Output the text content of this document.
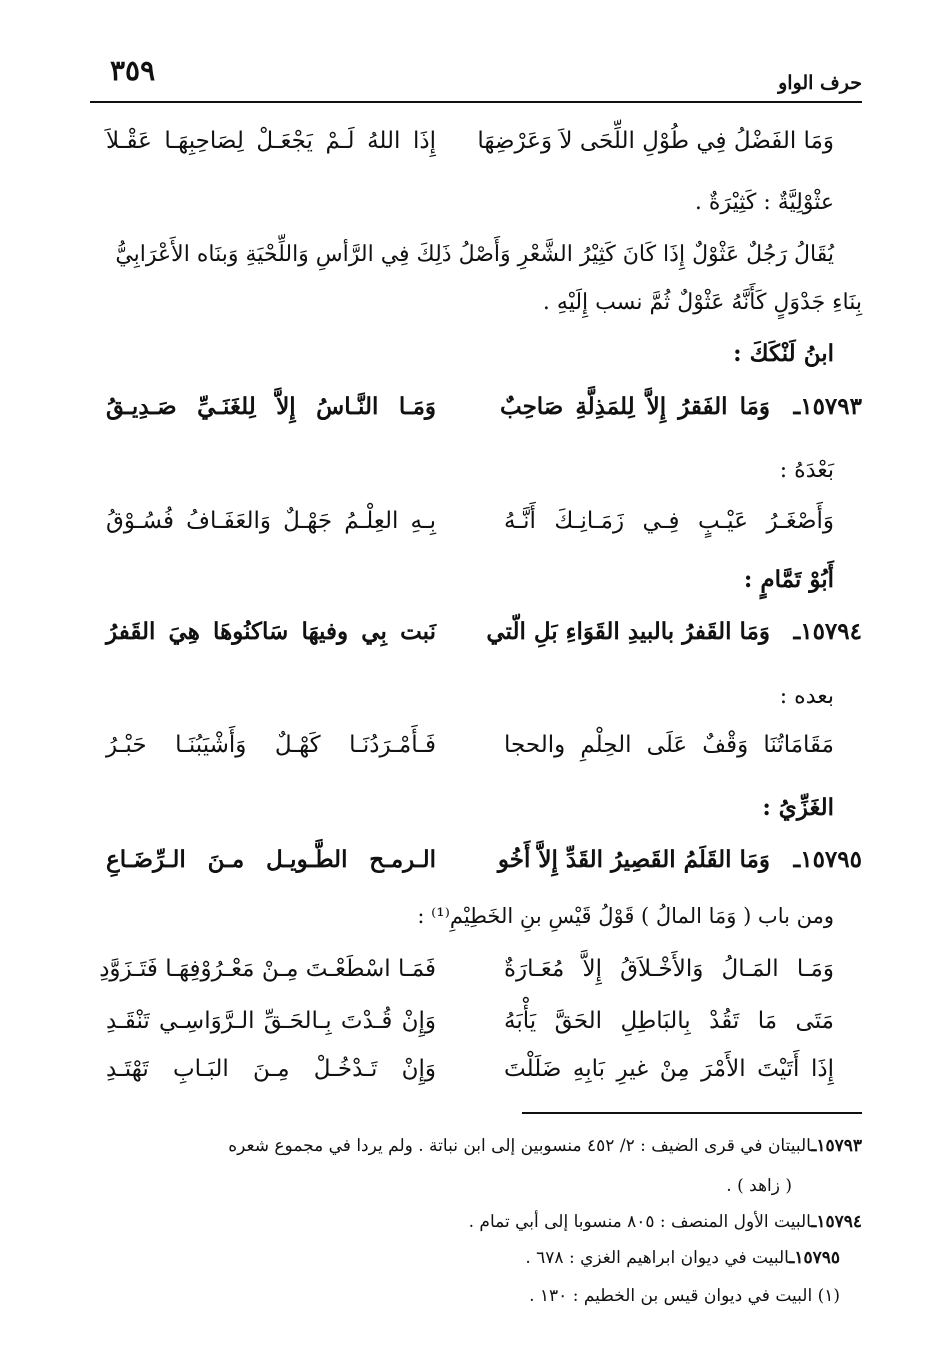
حرف الواو
٣٥٩
وَمَا الفَضْلُ فِي طُوْلِ اللِّحَى لاَ وَعَرْضِهَا
إِذَا اللهُ لَـمْ يَجْعَـلْ لِصَاحِبِهَـا عَقْـلاَ
عثْوْلِيَّةٌ : كَثِيْرَةٌ .
يُقَالُ رَجُلٌ عَثْوْلٌ إِذَا كَانَ كَثِيْرُ الشَّعْرِ وَأَصْلُ ذَلِكَ فِي الرَّأسِ وَاللِّحْيَةِ وَبنَاه الأَعْرَابِيُّ
بِنَاءِ جَدْوَلٍ كَأَنَّهُ عَثْوْلٌ ثُمَّ نسب إِلَيْهِ .
ابنُ لَنْكَكَ :
١٥٧٩٣ـ
وَمَا الفَقرُ إِلاَّ لِلمَذِلَّةِ صَاحِبٌ
وَمَـا النَّـاسُ إِلاَّ لِلغَنَـيِّ صَـدِيـقُ
بَعْدَهُ :
وَأَصْغَـرُ عَيْـبٍ فِـي زَمَـانِـكَ أَنَّـهُ
بِـهِ العِلْـمُ جَهْـلٌ وَالعَفَـافُ فُسُـوْقُ
أَبُوْ تَمَّامٍ :
١٥٧٩٤ـ
وَمَا القَفرُ بالبيدِ القَوَاءِ بَلِ الّتي
نَبت بِي وفيهَا سَاكنُوهَا هِيَ القَفرُ
بعده :
مَقَامَاتُنَا وَقْفٌ عَلَى الحِلْمِ والحجا
فَـأَمْـرَدُنَـا كَهْـلٌ وَأَشْيَبُنَـا حَبْـرُ
الغَزِّيُ :
١٥٧٩٥ـ
وَمَا القَلَمُ القَصِيرُ القَدِّ إِلاَّ أَخُو
الـرمـح الطَّـويـل مـنَ الـرِّضَـاعِ
ومن باب ( وَمَا المالُ ) قَوْلُ قَيْسِ بنِ الخَطِيْمِ⁽¹⁾ :
وَمَـا المَـالُ وَالأَخْـلاَقُ إِلاَّ مُعَـارَةٌ
فَمَـا اسْطَعْـتَ مِـنْ مَعْـرُوْفِهَـا فَتَـزَوَّدِ
مَتَى مَا تَقُدْ بِالبَاطِلِ الحَقَّ يَأْبَهُ
وَإِنْ قُـدْتَ بِـالحَـقِّ الـرَّوَاسِـي تَنْقَـدِ
إِذَا أَتَيْتَ الأَمْرَ مِنْ غيرِ بَابِهِ ضَلَلْتَ
وَإِنْ تَـدْخُـلْ مِـنَ البَـابِ تَهْتَـدِ
١٥٧٩٣ـالبيتان في قرى الضيف : ٢/ ٤٥٢ منسوبين إلى ابن نباتة . ولم يردا في مجموع شعره
( زاهد ) .
١٥٧٩٤ـالبيت الأول المنصف : ٨٠٥ منسوبا إلى أبي تمام .
١٥٧٩٥ـالبيت في ديوان ابراهيم الغزي : ٦٧٨ .
(١) البيت في ديوان قيس بن الخطيم : ١٣٠ .
